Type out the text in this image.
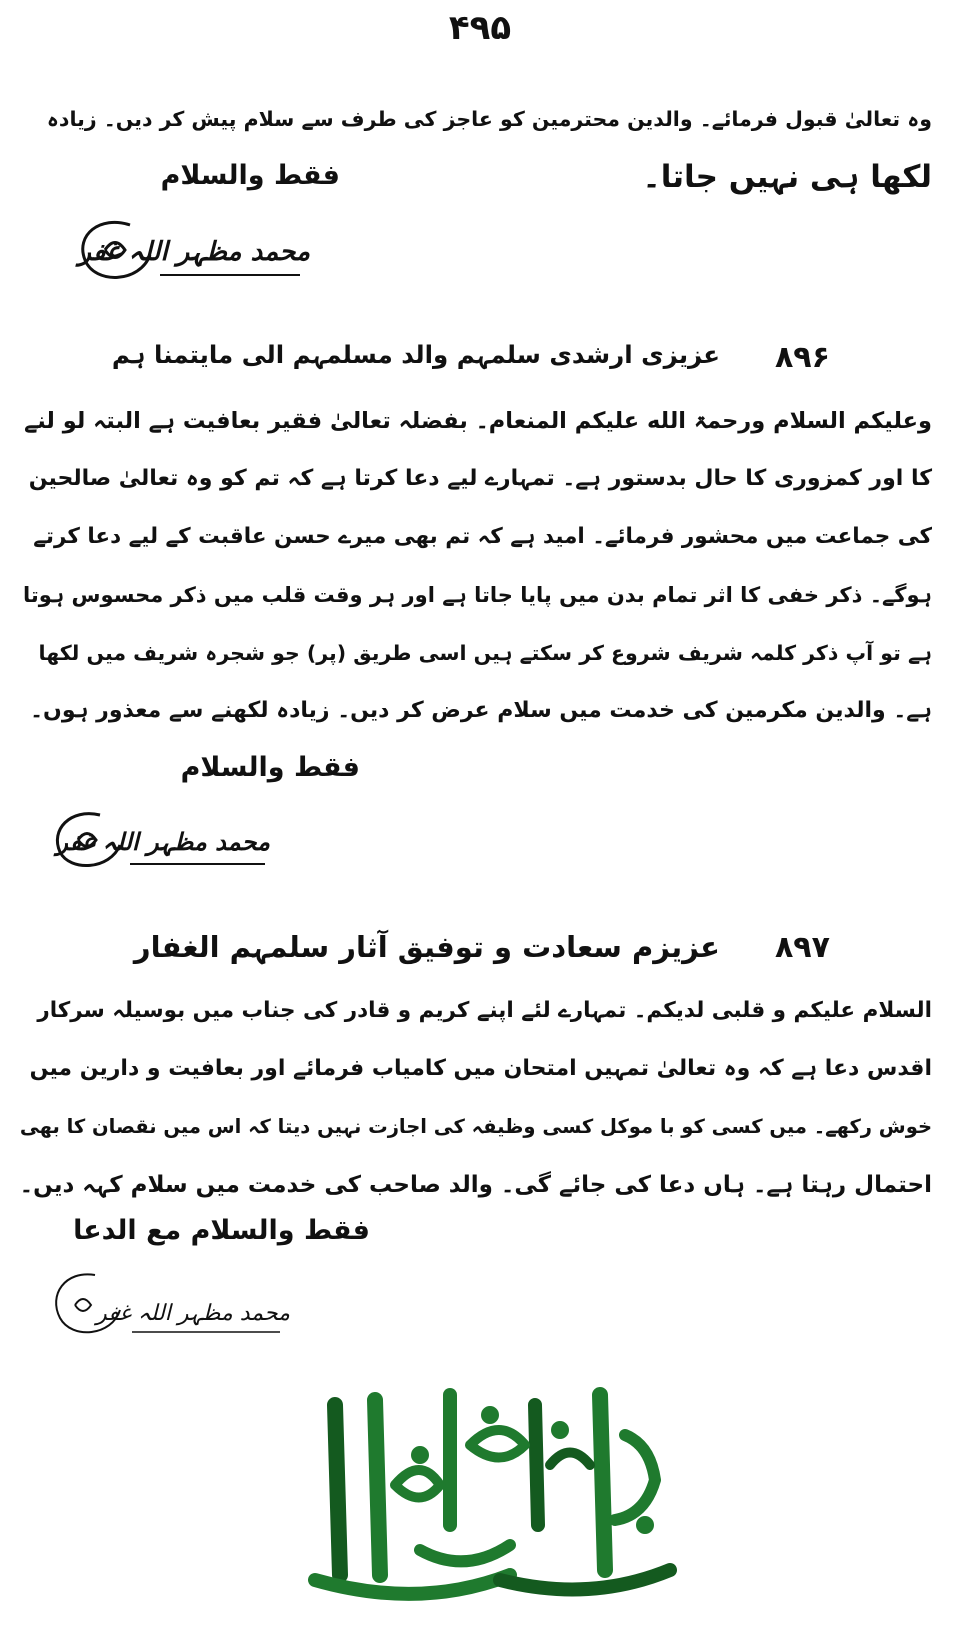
۴۹۵
وہ تعالیٰ قبول فرمائے۔ والدین محترمین کو عاجز کی طرف سے سلام پیش کر دیں۔ زیادہ
لکھا ہی نہیں جاتا۔
فقط والسلام
محمد مظہر اللہ غفر
۸۹۶
عزیزی ارشدی سلمہم والد مسلمہم الی مایتمنا ہم
وعلیکم السلام ورحمۃ الله علیکم المنعام۔ بفضلہ تعالیٰ فقیر بعافیت ہے البتہ لو لنے
کا اور کمزوری کا حال بدستور ہے۔ تمہارے لیے دعا کرتا ہے کہ تم کو وہ تعالیٰ صالحین
کی جماعت میں محشور فرمائے۔ امید ہے کہ تم بھی میرے حسن عاقبت کے لیے دعا کرتے
ہوگے۔ ذکر خفی کا اثر تمام بدن میں پایا جاتا ہے اور ہر وقت قلب میں ذکر محسوس ہوتا
ہے تو آپ ذکر کلمہ شریف شروع کر سکتے ہیں اسی طریق (پر) جو شجرہ شریف میں لکھا
ہے۔ والدین مکرمین کی خدمت میں سلام عرض کر دیں۔ زیادہ لکھنے سے معذور ہوں۔
فقط والسلام
محمد مظہر اللہ غفر
۸۹۷
عزیزم سعادت و توفیق آثار سلمہم الغفار
السلام علیکم و قلبی لدیکم۔ تمہارے لئے اپنے کریم و قادر کی جناب میں بوسیلہ سرکار
اقدس دعا ہے کہ وہ تعالیٰ تمہیں امتحان میں کامیاب فرمائے اور بعافیت و دارین میں
خوش رکھے۔ میں کسی کو با موکل کسی وظیفہ کی اجازت نہیں دیتا کہ اس میں نقصان کا بھی
احتمال رہتا ہے۔ ہاں دعا کی جائے گی۔ والد صاحب کی خدمت میں سلام کہہ دیں۔
فقط والسلام مع الدعا
محمد مظہر اللہ غفر
